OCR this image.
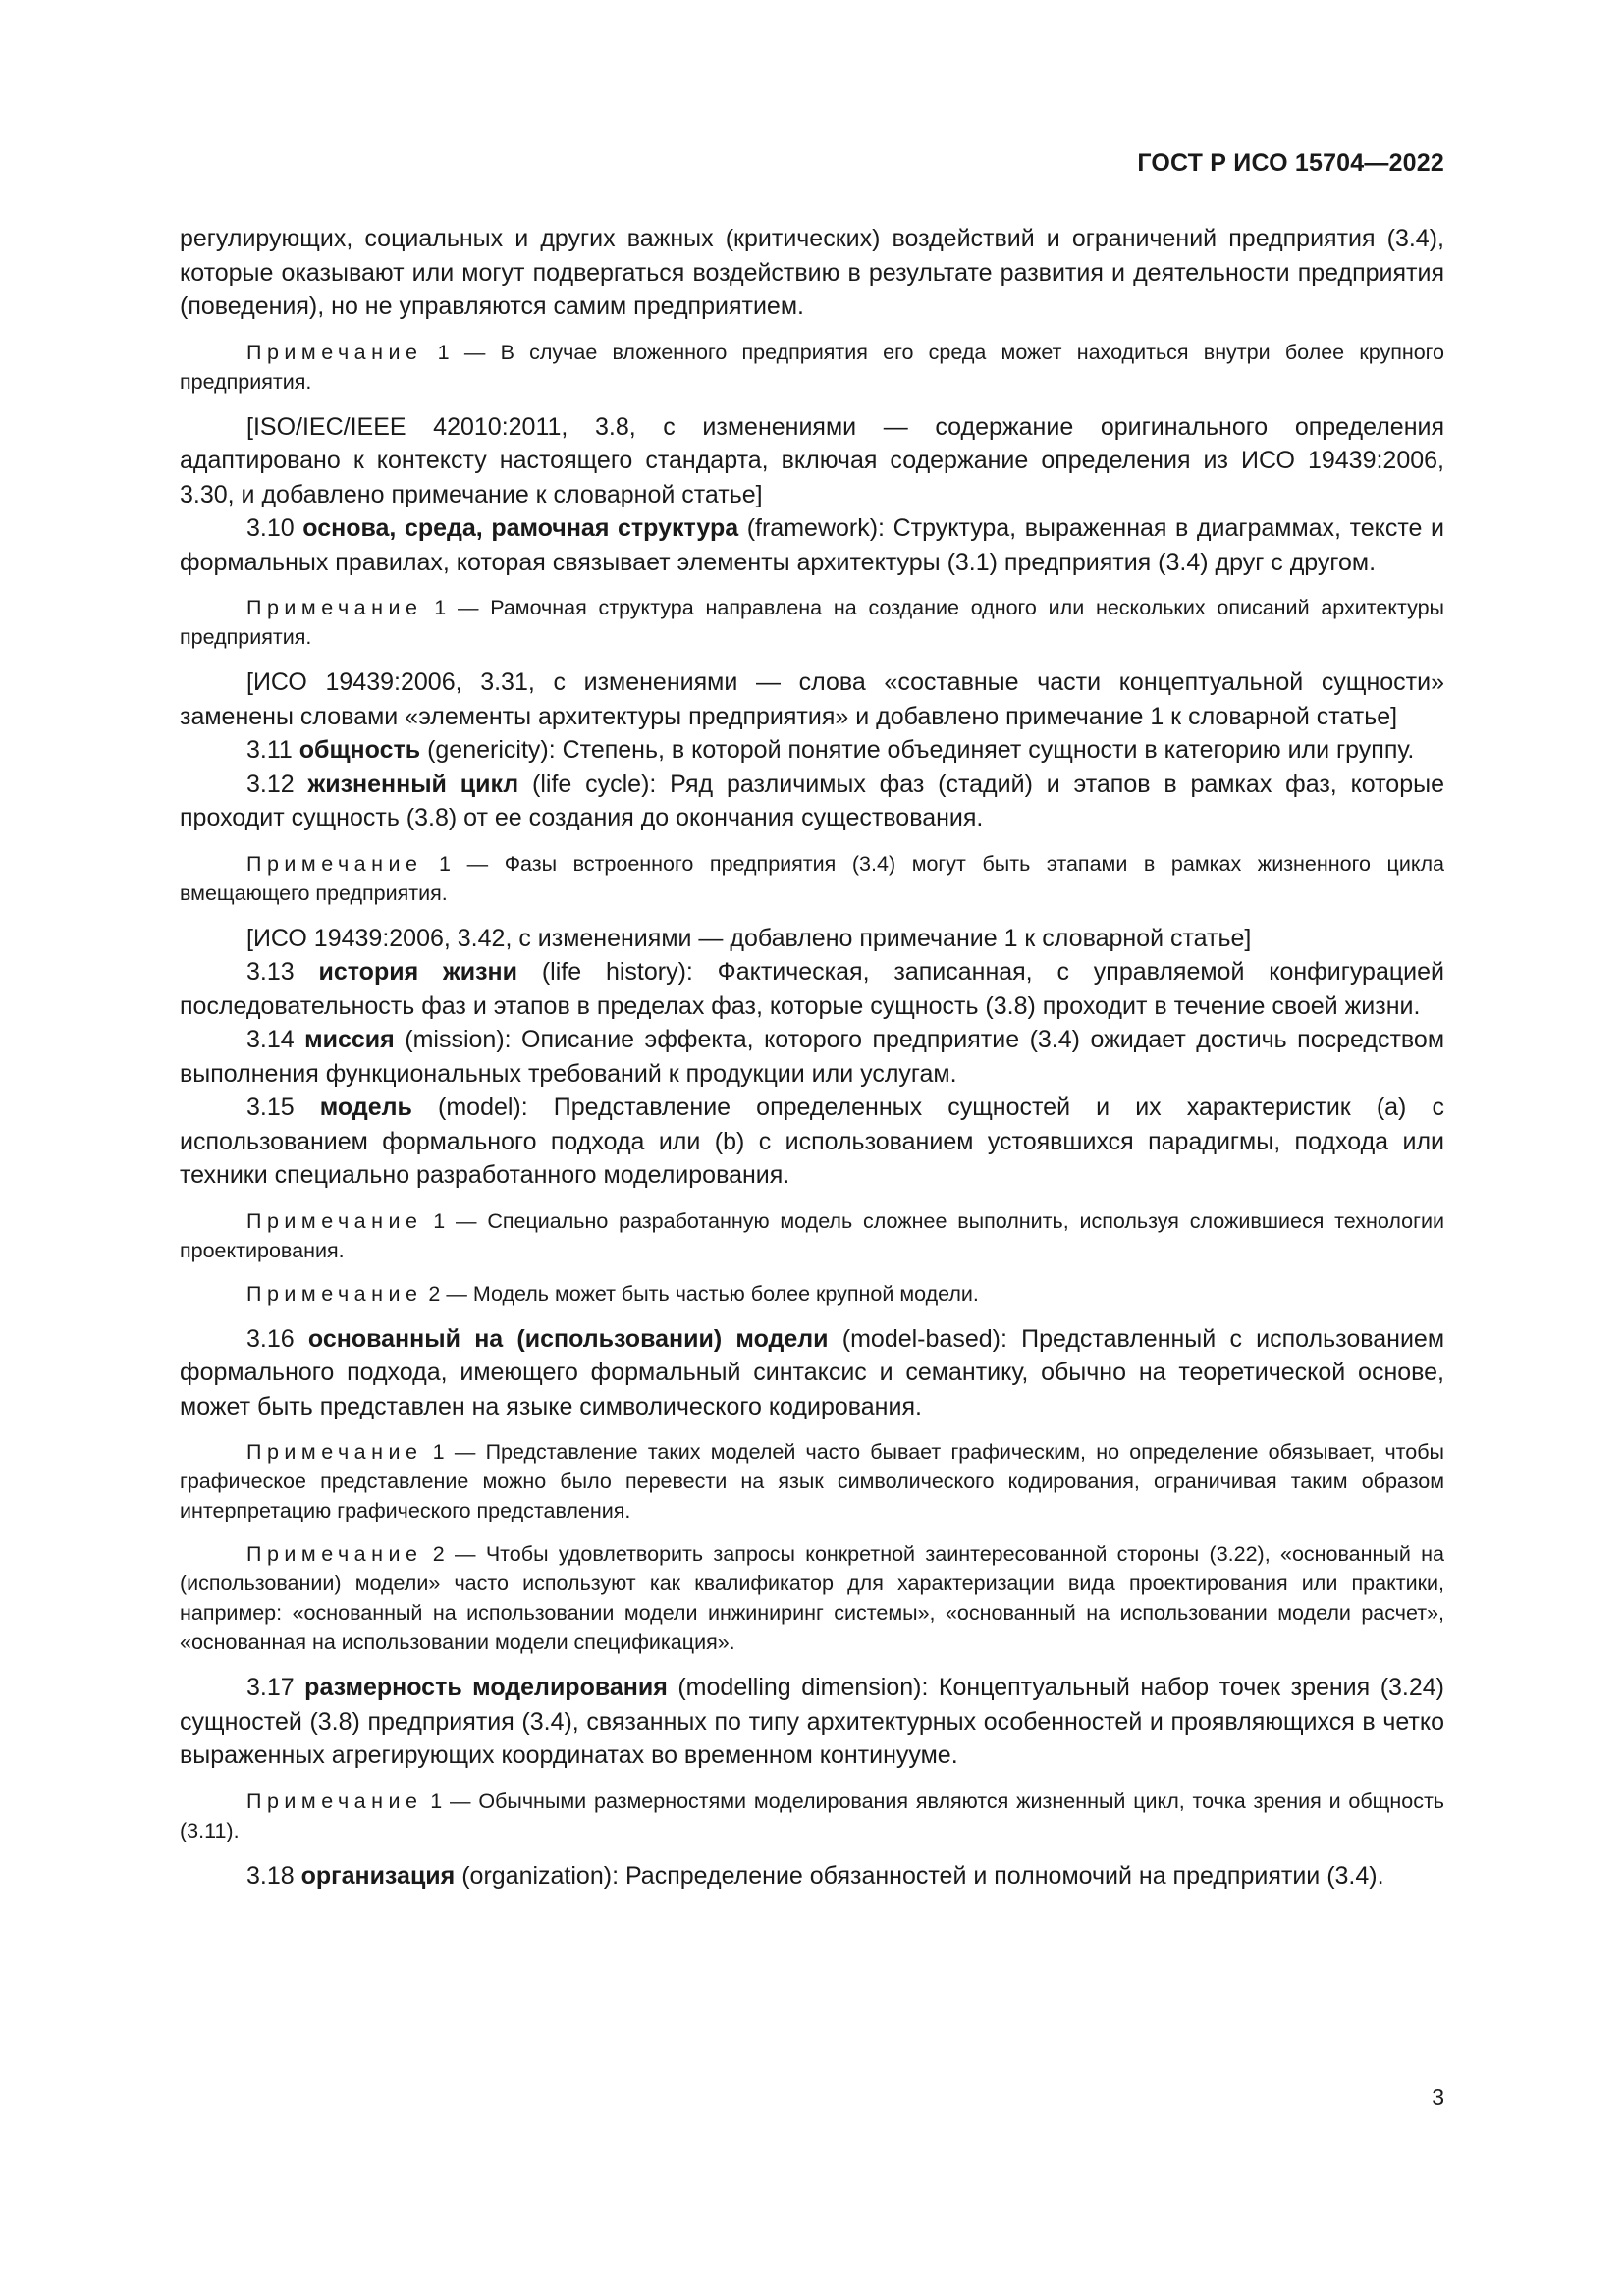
ГОСТ Р ИСО 15704—2022

регулирующих, социальных и других важных (критических) воздействий и ограничений предприятия (3.4), которые оказывают или могут подвергаться воздействию в результате развития и деятельности предприятия (поведения), но не управляются самим предприятием.

Примечание 1 — В случае вложенного предприятия его среда может находиться внутри более крупного предприятия.

[ISO/IEC/IEEE 42010:2011, 3.8, с изменениями — содержание оригинального определения адаптировано к контексту настоящего стандарта, включая содержание определения из ИСО 19439:2006, 3.30, и добавлено примечание к словарной статье]

3.10 основа, среда, рамочная структура (framework): Структура, выраженная в диаграммах, тексте и формальных правилах, которая связывает элементы архитектуры (3.1) предприятия (3.4) друг с другом.

Примечание 1 — Рамочная структура направлена на создание одного или нескольких описаний архитектуры предприятия.

[ИСО 19439:2006, 3.31, с изменениями — слова «составные части концептуальной сущности» заменены словами «элементы архитектуры предприятия» и добавлено примечание 1 к словарной статье]

3.11 общность (genericity): Степень, в которой понятие объединяет сущности в категорию или группу.

3.12 жизненный цикл (life cycle): Ряд различимых фаз (стадий) и этапов в рамках фаз, которые проходит сущность (3.8) от ее создания до окончания существования.

Примечание 1 — Фазы встроенного предприятия (3.4) могут быть этапами в рамках жизненного цикла вмещающего предприятия.

[ИСО 19439:2006, 3.42, с изменениями — добавлено примечание 1 к словарной статье]

3.13 история жизни (life history): Фактическая, записанная, с управляемой конфигурацией последовательность фаз и этапов в пределах фаз, которые сущность (3.8) проходит в течение своей жизни.

3.14 миссия (mission): Описание эффекта, которого предприятие (3.4) ожидает достичь посредством выполнения функциональных требований к продукции или услугам.

3.15 модель (model): Представление определенных сущностей и их характеристик (а) с использованием формального подхода или (b) с использованием устоявшихся парадигмы, подхода или техники специально разработанного моделирования.

Примечание 1 — Специально разработанную модель сложнее выполнить, используя сложившиеся технологии проектирования.

Примечание 2 — Модель может быть частью более крупной модели.

3.16 основанный на (использовании) модели (model-based): Представленный с использованием формального подхода, имеющего формальный синтаксис и семантику, обычно на теоретической основе, может быть представлен на языке символического кодирования.

Примечание 1 — Представление таких моделей часто бывает графическим, но определение обязывает, чтобы графическое представление можно было перевести на язык символического кодирования, ограничивая таким образом интерпретацию графического представления.

Примечание 2 — Чтобы удовлетворить запросы конкретной заинтересованной стороны (3.22), «основанный на (использовании) модели» часто используют как квалификатор для характеризации вида проектирования или практики, например: «основанный на использовании модели инжиниринг системы», «основанный на использовании модели расчет», «основанная на использовании модели спецификация».

3.17 размерность моделирования (modelling dimension): Концептуальный набор точек зрения (3.24) сущностей (3.8) предприятия (3.4), связанных по типу архитектурных особенностей и проявляющихся в четко выраженных агрегирующих координатах во временном континууме.

Примечание 1 — Обычными размерностями моделирования являются жизненный цикл, точка зрения и общность (3.11).

3.18 организация (organization): Распределение обязанностей и полномочий на предприятии (3.4).

3
